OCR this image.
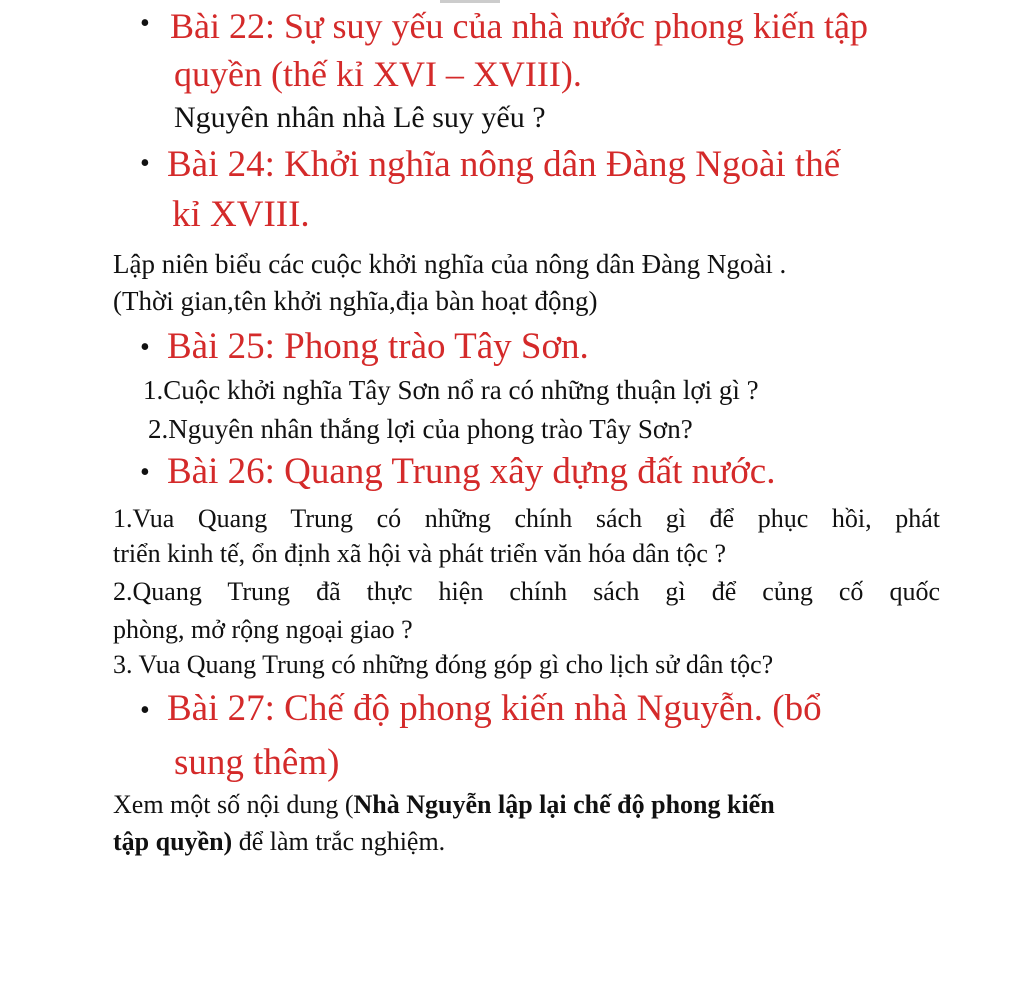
• Bài 22: Sự suy yếu của nhà nước phong kiến tập
quyền (thế kỉ XVI – XVIII).
Nguyên nhân nhà Lê suy yếu ?
• Bài 24: Khởi nghĩa nông dân Đàng Ngoài thế
kỉ XVIII.
Lập niên biểu các cuộc khởi nghĩa của nông dân Đàng Ngoài .
(Thời gian,tên khởi nghĩa,địa bàn hoạt động)
• Bài 25: Phong trào Tây Sơn.
1.Cuộc khởi nghĩa Tây Sơn nổ ra có những thuận lợi gì ?
2.Nguyên nhân thắng lợi của phong trào Tây Sơn?
• Bài 26: Quang Trung xây dựng đất nước.
1.Vua Quang Trung có những chính sách gì để phục hồi, phát
triển kinh tế, ổn định xã hội và phát triển văn hóa dân tộc ?
2.Quang Trung đã thực hiện chính sách gì để củng cố quốc
phòng, mở rộng ngoại giao ?
3. Vua Quang Trung có những đóng góp gì cho lịch sử dân tộc?
• Bài 27: Chế độ phong kiến nhà Nguyễn. (bổ
sung thêm)
Xem một số nội dung (Nhà Nguyễn lập lại chế độ phong kiến
tập quyền) để làm trắc nghiệm.
